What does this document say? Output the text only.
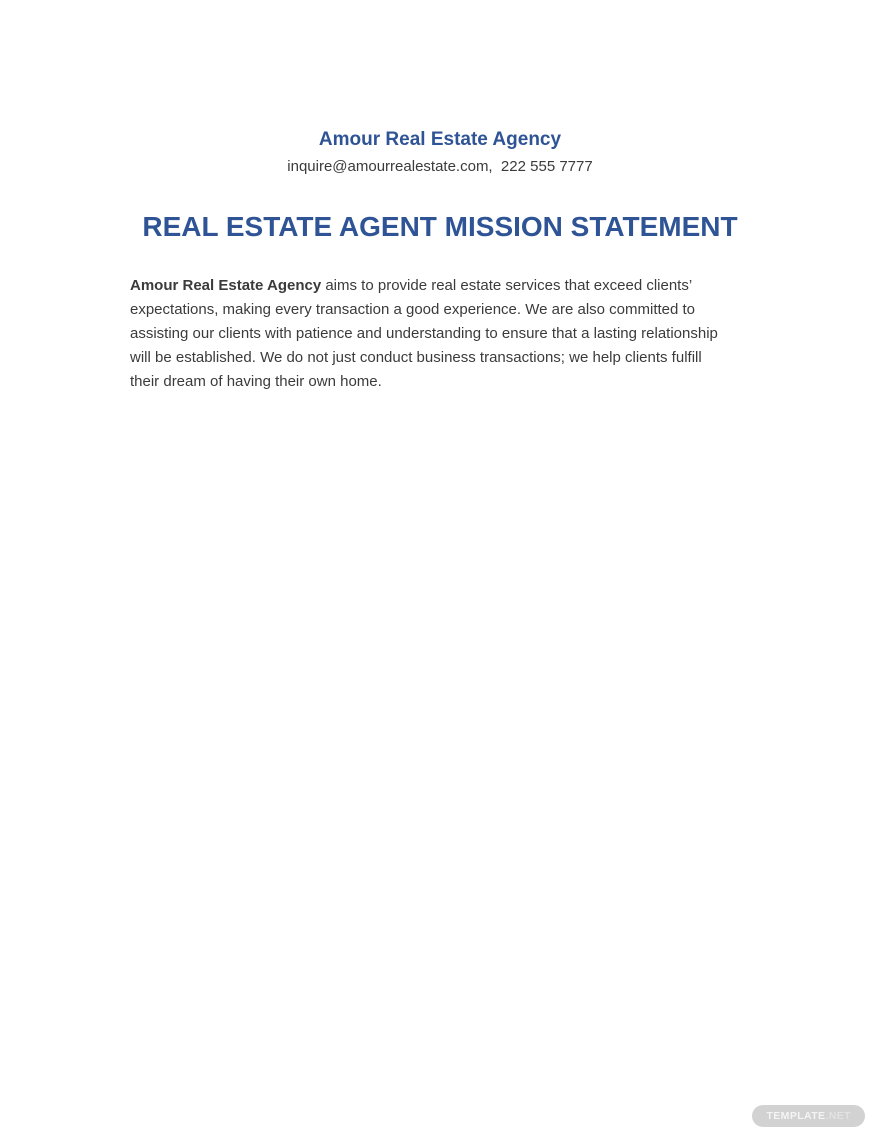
Amour Real Estate Agency
inquire@amourrealestate.com,  222 555 7777
REAL ESTATE AGENT MISSION STATEMENT

Amour Real Estate Agency aims to provide real estate services that exceed clients’ expectations, making every transaction a good experience. We are also committed to assisting our clients with patience and understanding to ensure that a lasting relationship will be established. We do not just conduct business transactions; we help clients fulfill their dream of having their own home.

TEMPLATE .NET
